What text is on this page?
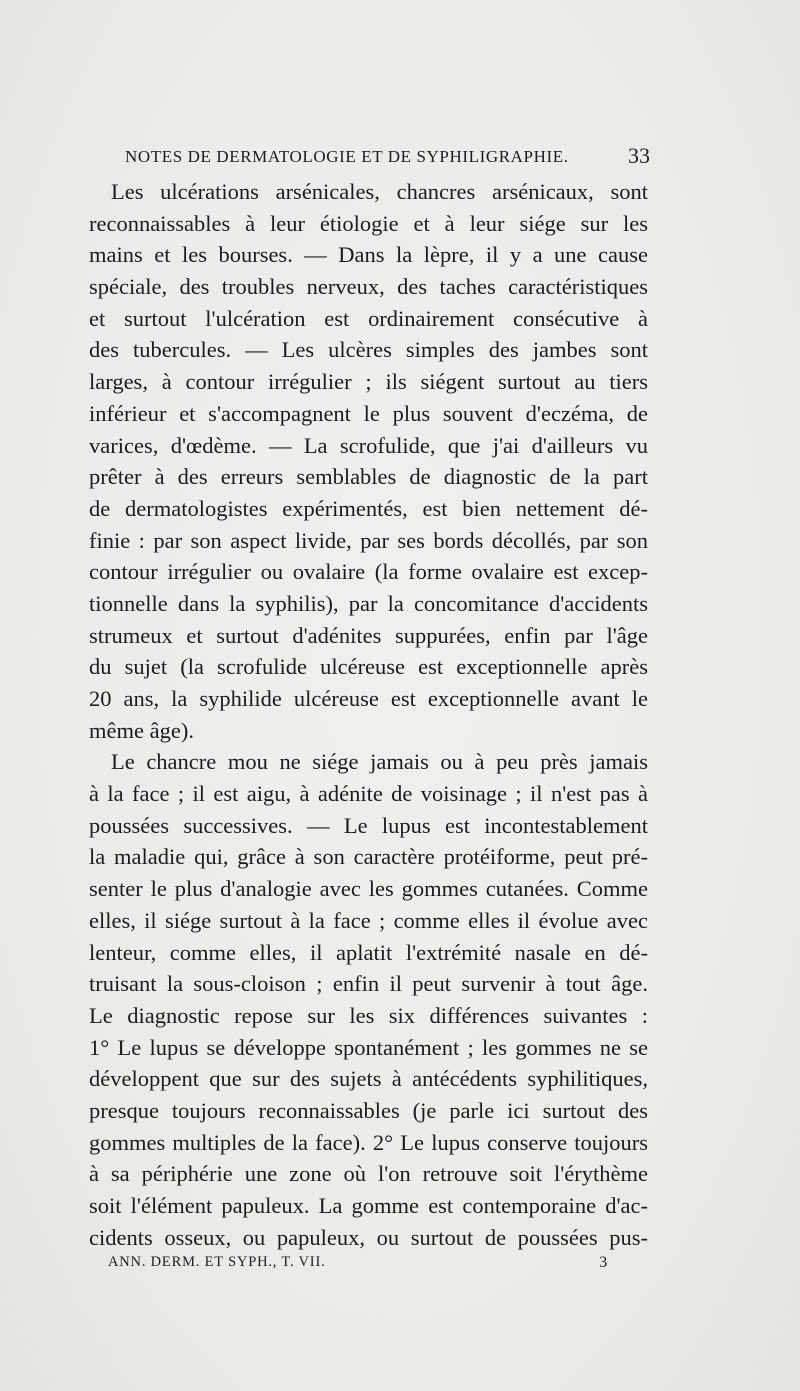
NOTES DE DERMATOLOGIE ET DE SYPHILIGRAPHIE.	33
Les ulcérations arsénicales, chancres arsénicaux, sont
reconnaissables à leur étiologie et à leur siége sur les
mains et les bourses. — Dans la lèpre, il y a une cause
spéciale, des troubles nerveux, des taches caractéristiques
et surtout l'ulcération est ordinairement consécutive à
des tubercules. — Les ulcères simples des jambes sont
larges, à contour irrégulier ; ils siégent surtout au tiers
inférieur et s'accompagnent le plus souvent d'eczéma, de
varices, d'œdème. — La scrofulide, que j'ai d'ailleurs vu
prêter à des erreurs semblables de diagnostic de la part
de dermatologistes expérimentés, est bien nettement dé-
finie : par son aspect livide, par ses bords décollés, par son
contour irrégulier ou ovalaire (la forme ovalaire est excep-
tionnelle dans la syphilis), par la concomitance d'accidents
strumeux et surtout d'adénites suppurées, enfin par l'âge
du sujet (la scrofulide ulcéreuse est exceptionnelle après
20 ans, la syphilide ulcéreuse est exceptionnelle avant le
même âge).
Le chancre mou ne siége jamais ou à peu près jamais
à la face ; il est aigu, à adénite de voisinage ; il n'est pas à
poussées successives. — Le lupus est incontestablement
la maladie qui, grâce à son caractère protéiforme, peut pré-
senter le plus d'analogie avec les gommes cutanées. Comme
elles, il siége surtout à la face ; comme elles il évolue avec
lenteur, comme elles, il aplatit l'extrémité nasale en dé-
truisant la sous-cloison ; enfin il peut survenir à tout âge.
Le diagnostic repose sur les six différences suivantes :
1° Le lupus se développe spontanément ; les gommes ne se
développent que sur des sujets à antécédents syphilitiques,
presque toujours reconnaissables (je parle ici surtout des
gommes multiples de la face). 2° Le lupus conserve toujours
à sa périphérie une zone où l'on retrouve soit l'érythème
soit l'élément papuleux. La gomme est contemporaine d'ac-
cidents osseux, ou papuleux, ou surtout de poussées pus-
ANN. DERM. ET SYPH., T. VII.	3
